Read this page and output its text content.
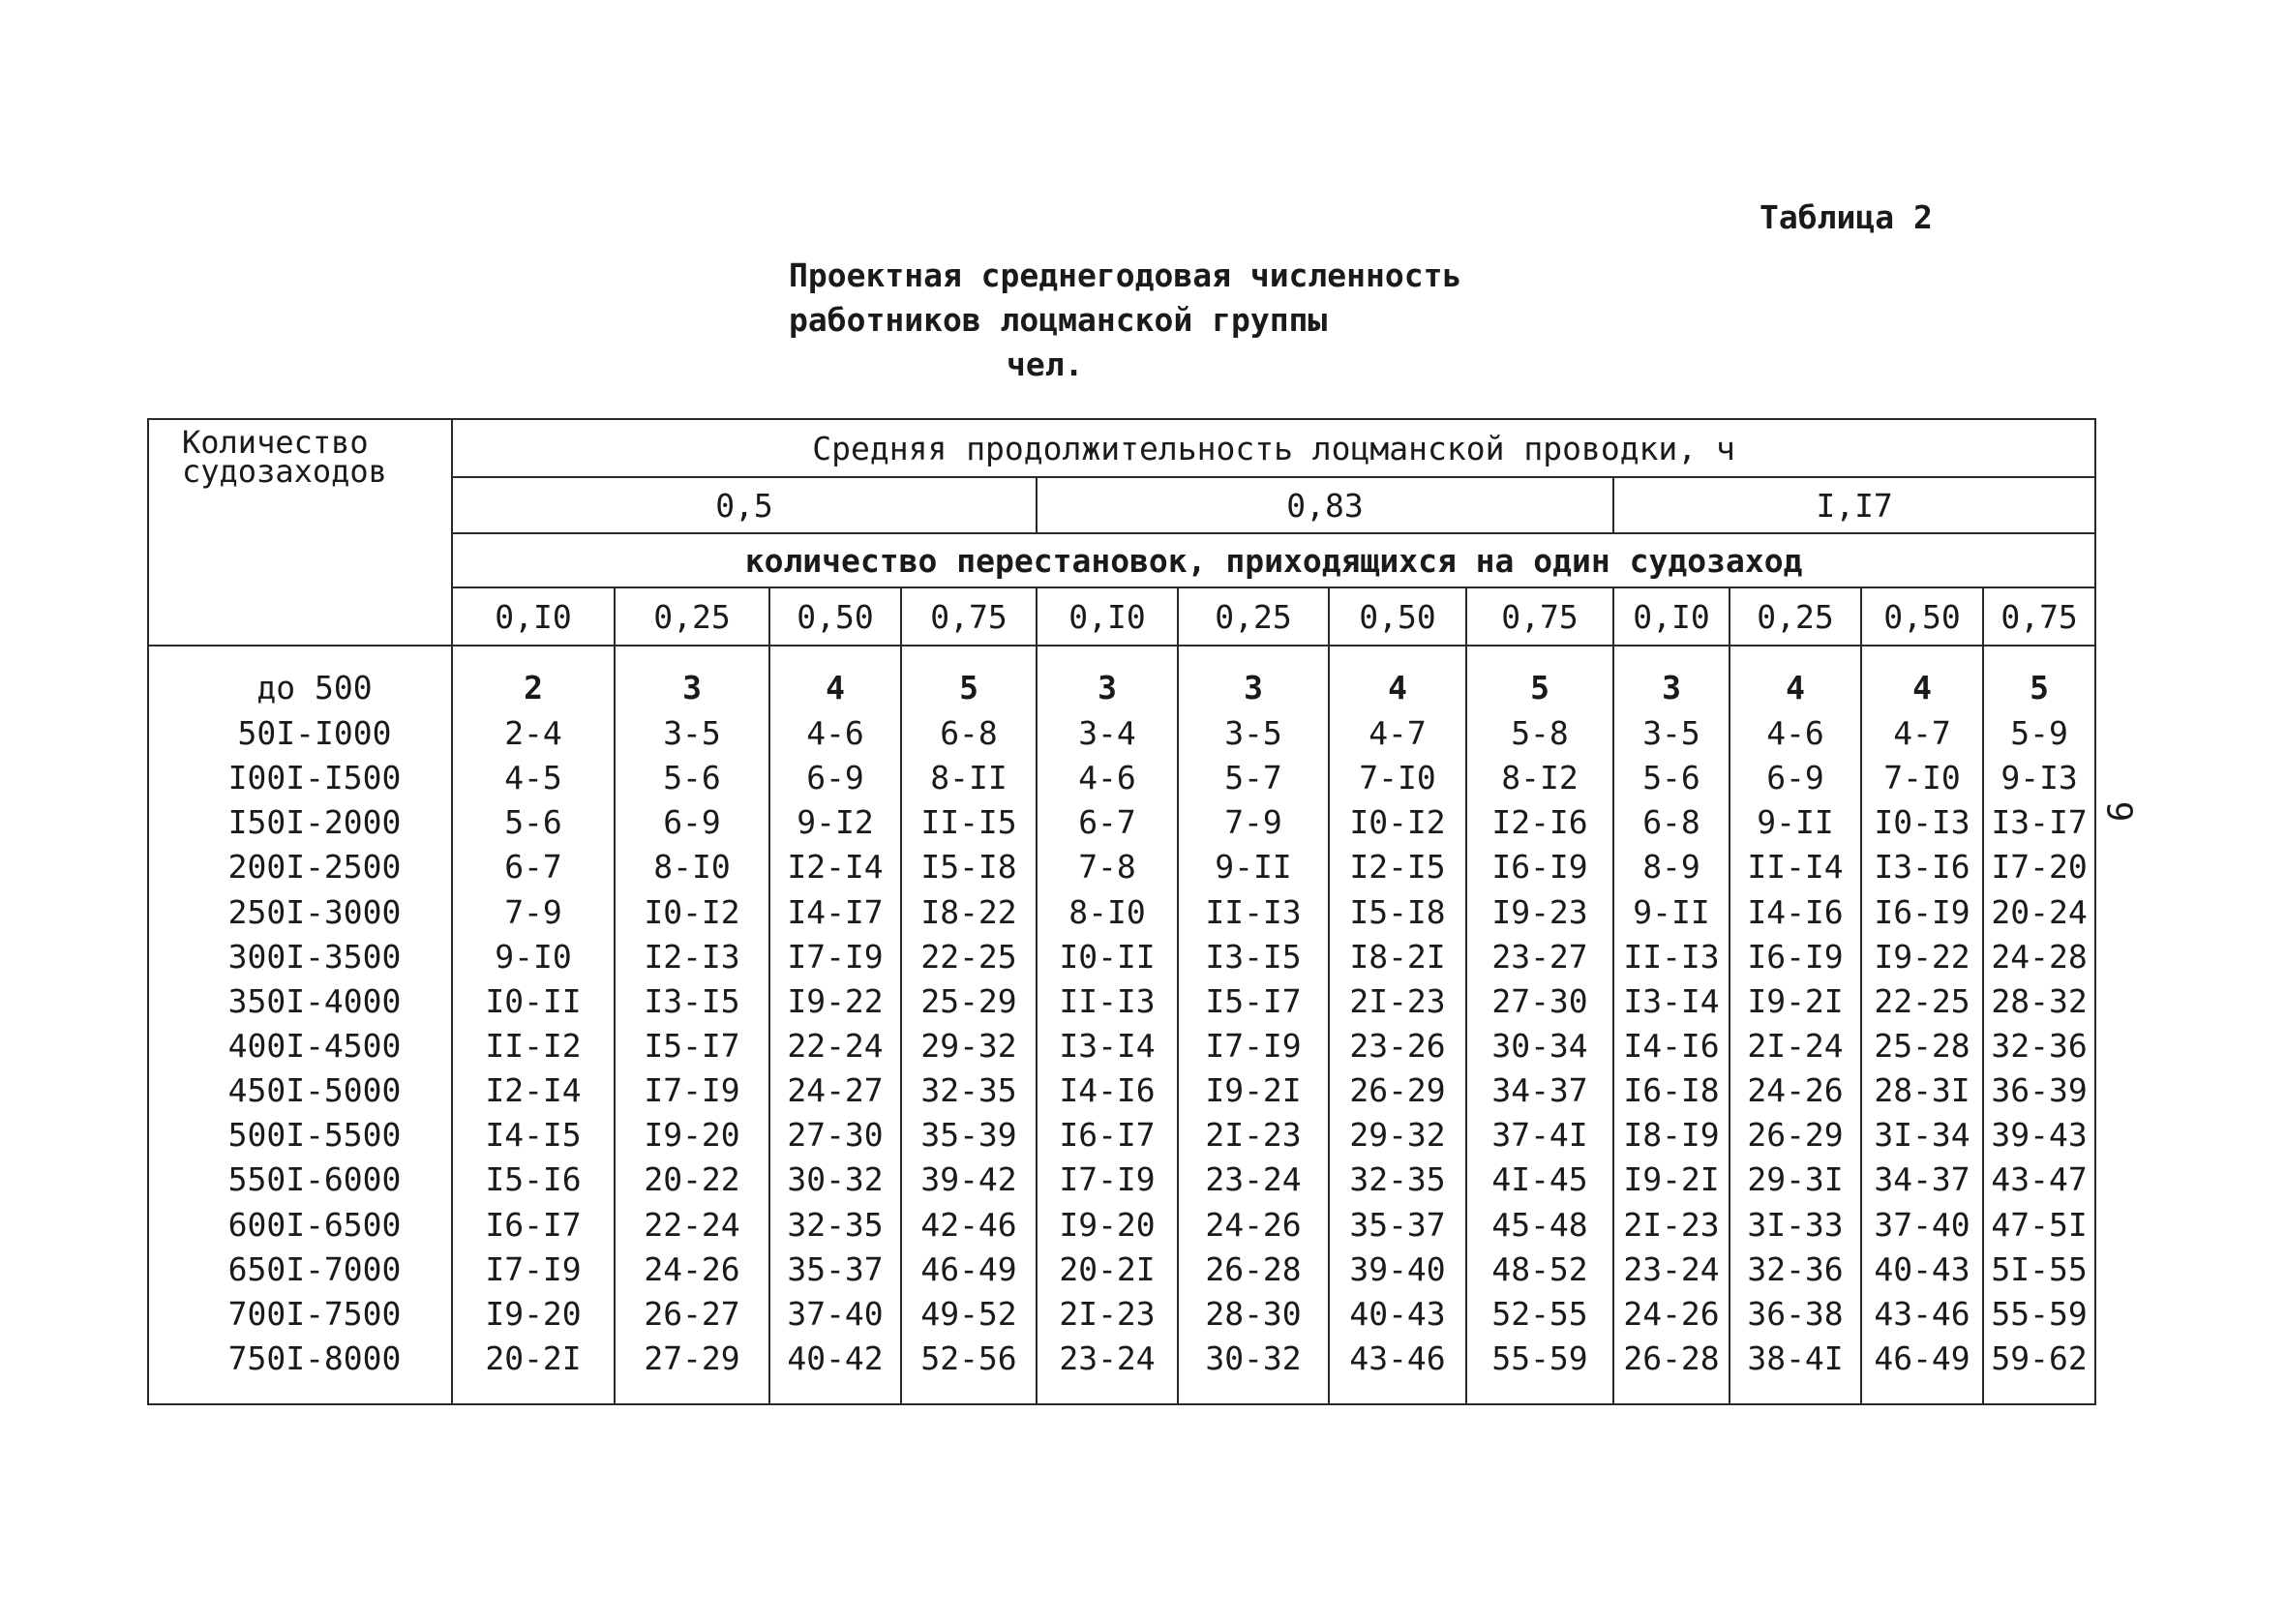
Таблица 2
Проектная среднегодовая численность
работников лоцманской группы
чел.
9
Количество
судозаходов	Средняя продолжительность лоцманской проводки, ч											
	0,5				0,83				I,I7			
	количество перестановок, приходящихся на один судозаход											
	0,I0	0,25	0,50	0,75	0,I0	0,25	0,50	0,75	0,I0	0,25	0,50	0,75
до 500	2	3	4	5	3	3	4	5	3	4	4	5
50I-I000	2-4	3-5	4-6	6-8	3-4	3-5	4-7	5-8	3-5	4-6	4-7	5-9
I00I-I500	4-5	5-6	6-9	8-II	4-6	5-7	7-I0	8-I2	5-6	6-9	7-I0	9-I3
I50I-2000	5-6	6-9	9-I2	II-I5	6-7	7-9	I0-I2	I2-I6	6-8	9-II	I0-I3	I3-I7
200I-2500	6-7	8-I0	I2-I4	I5-I8	7-8	9-II	I2-I5	I6-I9	8-9	II-I4	I3-I6	I7-20
250I-3000	7-9	I0-I2	I4-I7	I8-22	8-I0	II-I3	I5-I8	I9-23	9-II	I4-I6	I6-I9	20-24
300I-3500	9-I0	I2-I3	I7-I9	22-25	I0-II	I3-I5	I8-2I	23-27	II-I3	I6-I9	I9-22	24-28
350I-4000	I0-II	I3-I5	I9-22	25-29	II-I3	I5-I7	2I-23	27-30	I3-I4	I9-2I	22-25	28-32
400I-4500	II-I2	I5-I7	22-24	29-32	I3-I4	I7-I9	23-26	30-34	I4-I6	2I-24	25-28	32-36
450I-5000	I2-I4	I7-I9	24-27	32-35	I4-I6	I9-2I	26-29	34-37	I6-I8	24-26	28-3I	36-39
500I-5500	I4-I5	I9-20	27-30	35-39	I6-I7	2I-23	29-32	37-4I	I8-I9	26-29	3I-34	39-43
550I-6000	I5-I6	20-22	30-32	39-42	I7-I9	23-24	32-35	4I-45	I9-2I	29-3I	34-37	43-47
600I-6500	I6-I7	22-24	32-35	42-46	I9-20	24-26	35-37	45-48	2I-23	3I-33	37-40	47-5I
650I-7000	I7-I9	24-26	35-37	46-49	20-2I	26-28	39-40	48-52	23-24	32-36	40-43	5I-55
700I-7500	I9-20	26-27	37-40	49-52	2I-23	28-30	40-43	52-55	24-26	36-38	43-46	55-59
750I-8000	20-2I	27-29	40-42	52-56	23-24	30-32	43-46	55-59	26-28	38-4I	46-49	59-62
